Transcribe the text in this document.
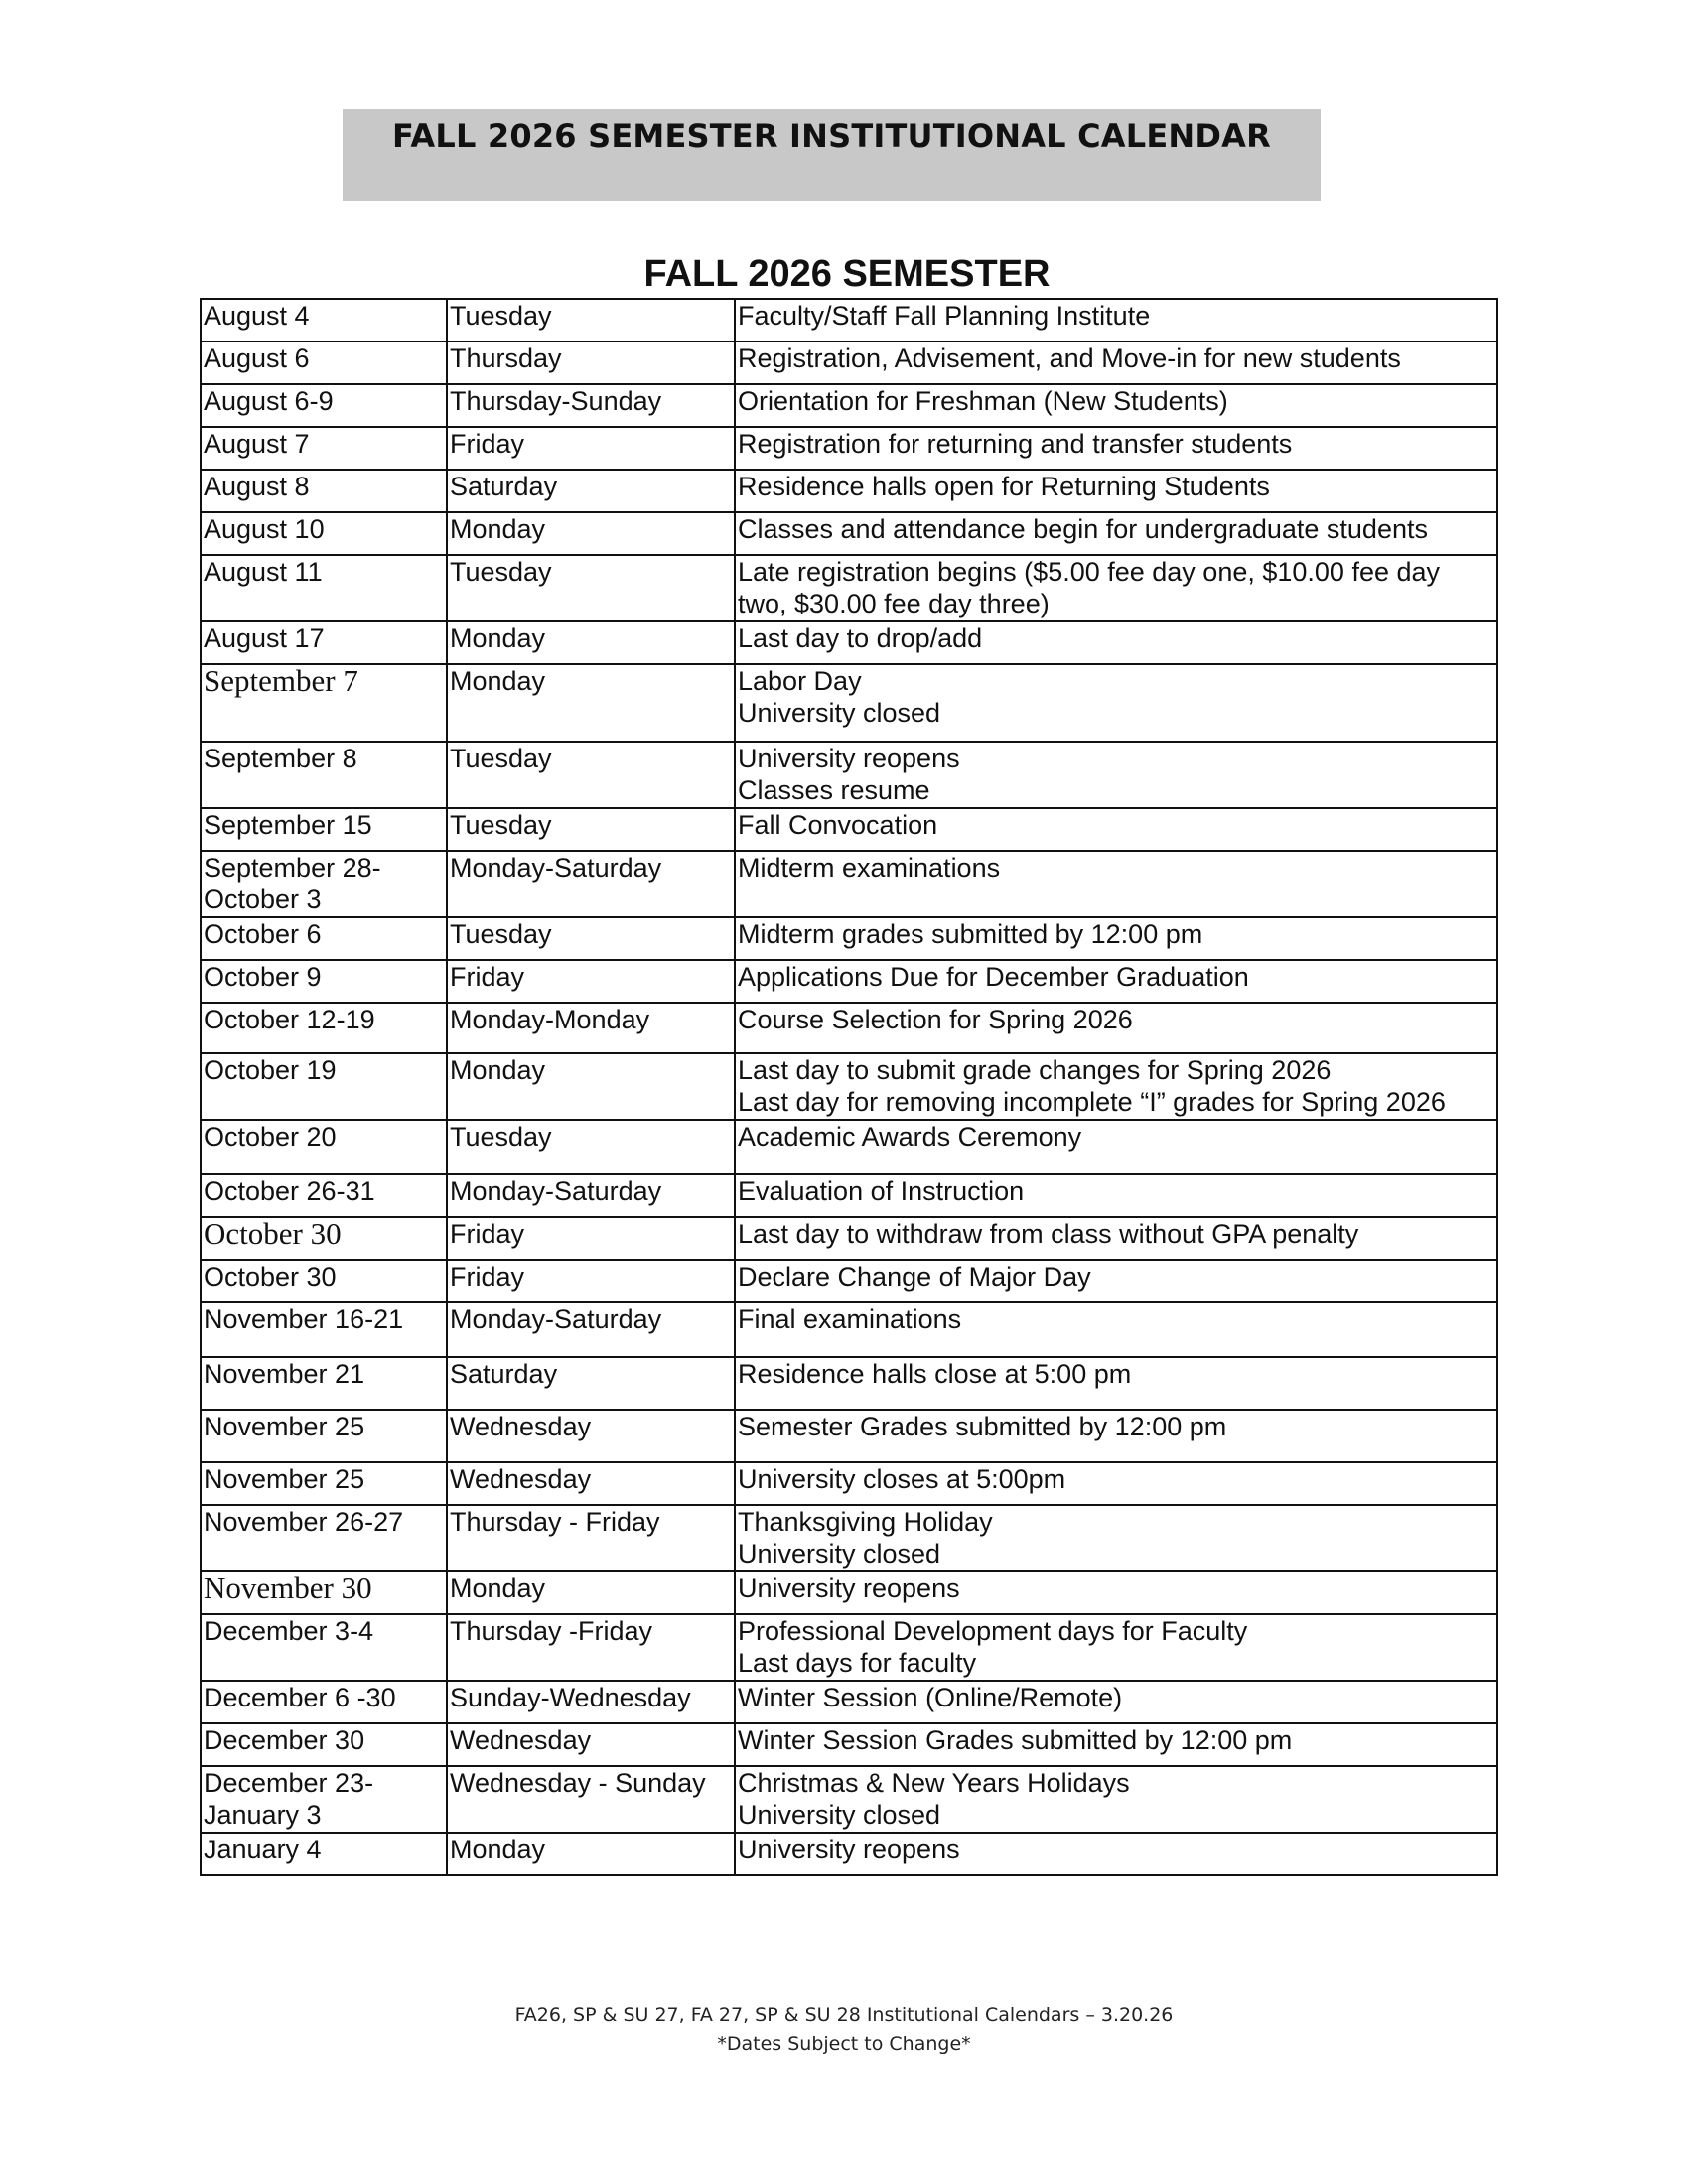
FALL 2026 SEMESTER INSTITUTIONAL CALENDAR
FALL 2026 SEMESTER
August 4	Tuesday	Faculty/Staff Fall Planning Institute
August 6	Thursday	Registration, Advisement, and Move-in for new students
August 6-9	Thursday-Sunday	Orientation for Freshman (New Students)
August 7	Friday	Registration for returning and transfer students
August 8	Saturday	Residence halls open for Returning Students
August 10	Monday	Classes and attendance begin for undergraduate students
August 11	Tuesday	Late registration begins ($5.00 fee day one, $10.00 fee day
two, $30.00 fee day three)
August 17	Monday	Last day to drop/add
September 7	Monday	Labor Day
University closed
September 8	Tuesday	University reopens
Classes resume
September 15	Tuesday	Fall Convocation
September 28-
October 3	Monday-Saturday	Midterm examinations
October 6	Tuesday	Midterm grades submitted by 12:00 pm
October 9	Friday	Applications Due for December Graduation
October 12-19	Monday-Monday	Course Selection for Spring 2026
October 19	Monday	Last day to submit grade changes for Spring 2026
Last day for removing incomplete “I” grades for Spring 2026
October 20	Tuesday	Academic Awards Ceremony
October 26-31	Monday-Saturday	Evaluation of Instruction
October 30	Friday	Last day to withdraw from class without GPA penalty
October 30	Friday	Declare Change of Major Day
November 16-21	Monday-Saturday	Final examinations
November 21	Saturday	Residence halls close at 5:00 pm
November 25	Wednesday	Semester Grades submitted by 12:00 pm
November 25	Wednesday	University closes at 5:00pm
November 26-27	Thursday - Friday	Thanksgiving Holiday
University closed
November 30	Monday	University reopens
December 3-4	Thursday -Friday	Professional Development days for Faculty
Last days for faculty
December 6 -30	Sunday-Wednesday	Winter Session (Online/Remote)
December 30	Wednesday	Winter Session Grades submitted by 12:00 pm
December 23-
January 3	Wednesday - Sunday	Christmas & New Years Holidays
University closed
January 4	Monday	University reopens
FA26, SP & SU 27, FA 27, SP & SU 28 Institutional Calendars – 3.20.26
*Dates Subject to Change*
